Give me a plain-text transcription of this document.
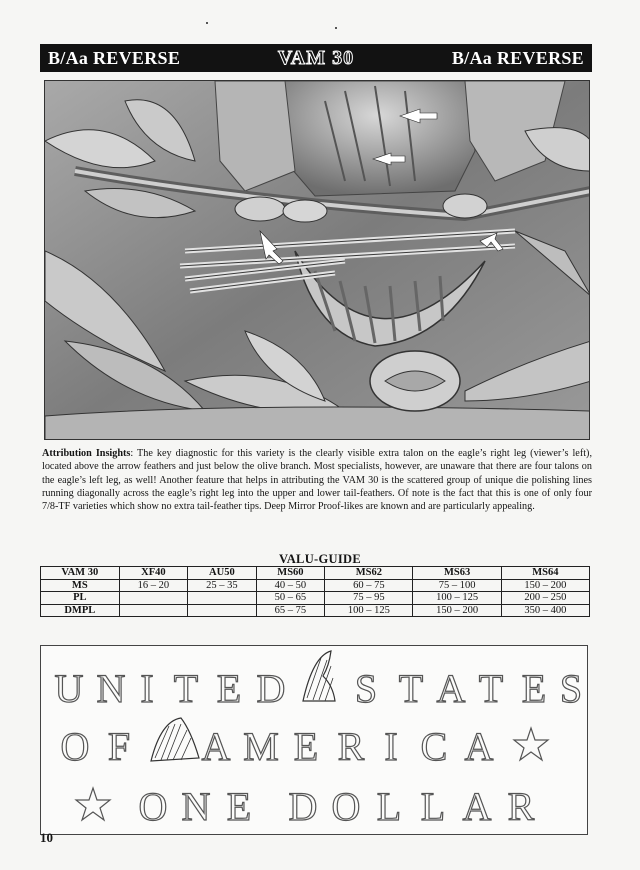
B/Aa REVERSE	VAM 30	B/Aa REVERSE

Attribution Insights: The key diagnostic for this variety is the clearly visible extra talon on the eagle’s right leg (viewer’s left), located above the arrow feathers and just below the olive branch. Most specialists, however, are unaware that there are four talons on the eagle’s left leg, as well! Another feature that helps in attributing the VAM 30 is the scattered group of unique die polishing lines running diagonally across the eagle’s right leg into the upper and lower tail-feathers. Of note is the fact that this is one of only four 7/8-TF varieties which show no extra tail-feather tips. Deep Mirror Proof-likes are known and are particularly appealing.

VALU-GUIDE
VAM 30	XF40	AU50	MS60	MS62	MS63	MS64
MS	16 – 20	25 – 35	40 – 50	60 – 75	75 – 100	150 – 200
PL			50 – 65	75 – 95	100 – 125	200 – 250
DMPL			65 – 75	100 – 125	150 – 200	350 – 400
U N I T E D S T A T E S
O F A M E R I C A
O N E D O L L A R
10
